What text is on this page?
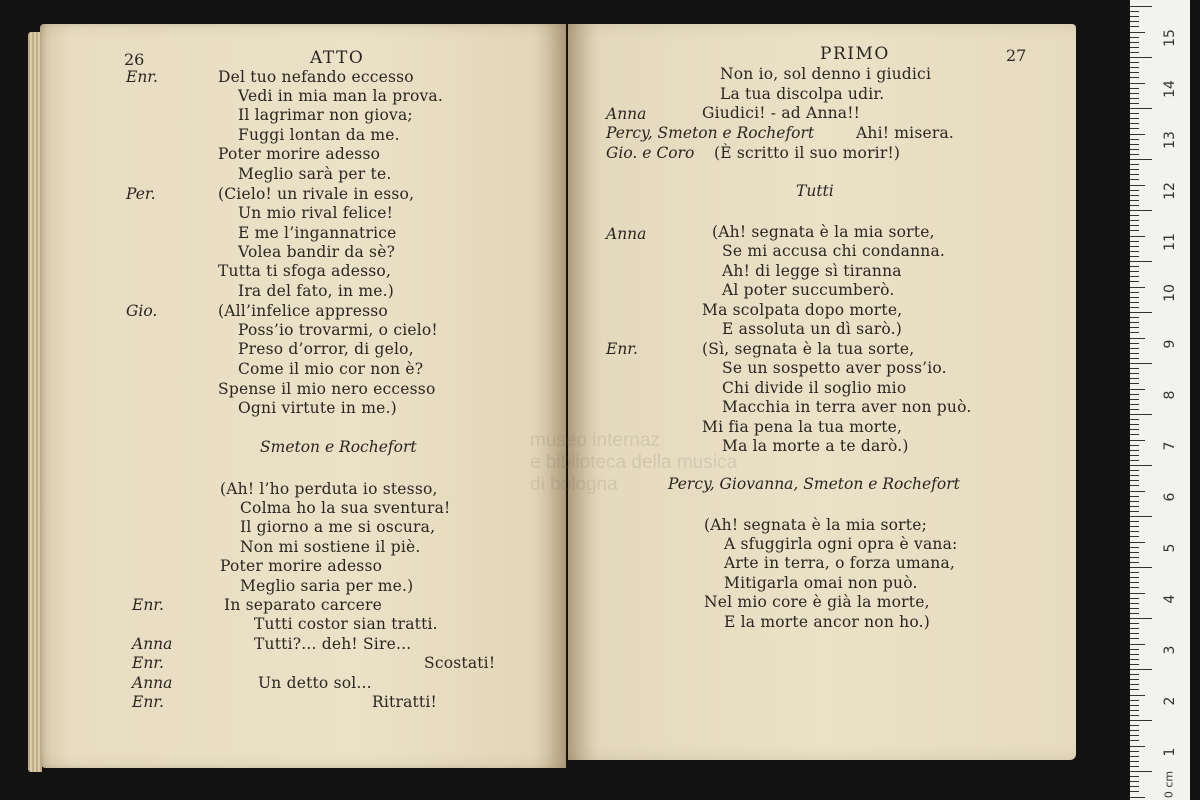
26	ATTO
Enr.	Del tuo nefando eccesso
Vedi in mia man la prova.
Il lagrimar non giova;
Fuggi lontan da me.
Poter morire adesso
Meglio sarà per te.
Per.	(Cielo! un rivale in esso,
Un mio rival felice!
E me l’ingannatrice
Volea bandir da sè?
Tutta ti sfoga adesso,
Ira del fato, in me.)
Gio.	(All’infelice appresso
Poss’io trovarmi, o cielo!
Preso d’orror, di gelo,
Come il mio cor non è?
Spense il mio nero eccesso
Ogni virtute in me.)
Smeton e Rochefort
(Ah! l’ho perduta io stesso,
Colma ho la sua sventura!
Il giorno a me si oscura,
Non mi sostiene il piè.
Poter morire adesso
Meglio saria per me.)
Enr.	In separato carcere
Tutti costor sian tratti.
Anna	Tutti?... deh! Sire...
Enr.	Scostati!
Anna	Un detto sol...
Enr.	Ritratti!
PRIMO	27
Non io, sol denno i giudici
La tua discolpa udir.
Anna	Giudici! - ad Anna!!
Percy, Smeton e Rochefort	Ahi! misera.
Gio. e Coro (È scritto il suo morir!)
Tutti
Anna	(Ah! segnata è la mia sorte,
Se mi accusa chi condanna.
Ah! di legge sì tiranna
Al poter succumberò.
Ma scolpata dopo morte,
E assoluta un dì sarò.)
Enr.	(Sì, segnata è la tua sorte,
Se un sospetto aver poss’io.
Chi divide il soglio mio
Macchia in terra aver non può.
Mi fia pena la tua morte,
Ma la morte a te darò.)
Percy, Giovanna, Smeton e Rochefort
(Ah! segnata è la mia sorte;
A sfuggirla ogni opra è vana:
Arte in terra, o forza umana,
Mitigarla omai non può.
Nel mio core è già la morte,
E la morte ancor non ho.)
museo internaz
e biblioteca della musica
di bologna
15
14
13
12
11
10
9
8
7
6
5
4
3
2
1
0 cm
